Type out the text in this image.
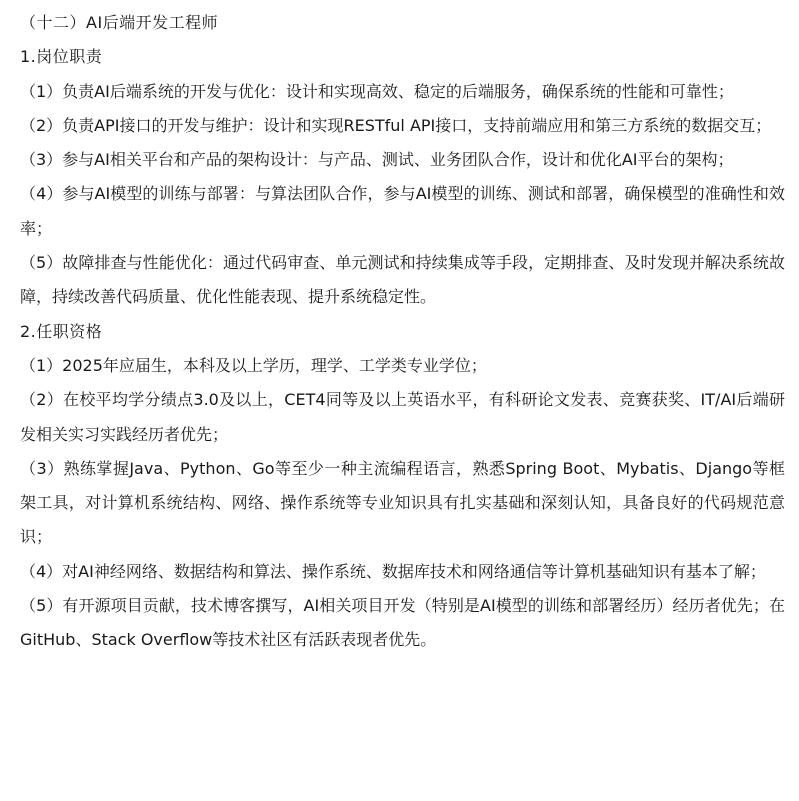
（十二）AI后端开发工程师

1.岗位职责

（1）负责AI后端系统的开发与优化：设计和实现高效、稳定的后端服务，确保系统的性能和可靠性；

（2）负责API接口的开发与维护：设计和实现RESTful API接口，支持前端应用和第三方系统的数据交互；

（3）参与AI相关平台和产品的架构设计：与产品、测试、业务团队合作，设计和优化AI平台的架构；

（4）参与AI模型的训练与部署：与算法团队合作，参与AI模型的训练、测试和部署，确保模型的准确性和效率；

（5）故障排查与性能优化：通过代码审查、单元测试和持续集成等手段，定期排查、及时发现并解决系统故障，持续改善代码质量、优化性能表现、提升系统稳定性。

2.任职资格

（1）2025年应届生，本科及以上学历，理学、工学类专业学位；

（2）在校平均学分绩点3.0及以上，CET4同等及以上英语水平，有科研论文发表、竞赛获奖、IT/AI后端研发相关实习实践经历者优先；

（3）熟练掌握Java、Python、Go等至少一种主流编程语言，熟悉Spring Boot、Mybatis、Django等框架工具，对计算机系统结构、网络、操作系统等专业知识具有扎实基础和深刻认知，具备良好的代码规范意识；

（4）对AI神经网络、数据结构和算法、操作系统、数据库技术和网络通信等计算机基础知识有基本了解；

（5）有开源项目贡献，技术博客撰写，AI相关项目开发（特别是AI模型的训练和部署经历）经历者优先；在GitHub、Stack Overflow等技术社区有活跃表现者优先。
